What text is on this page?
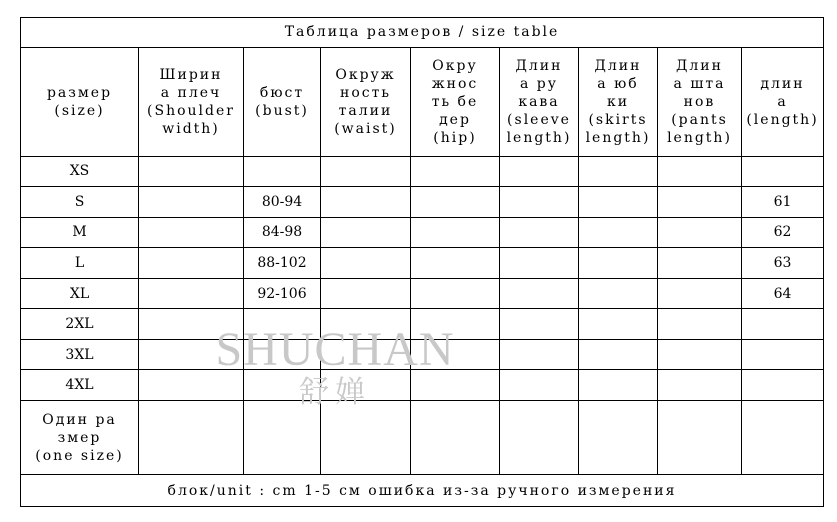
Таблица размеров / size table								

размер
(size)	Ширин
а плеч
(Shoulder
width)	бюст
(bust)	Окруж
ность
талии
(waist)	Окру
жнос
ть бе
дер
(hip)	Длин
а ру
кава
(sleeve
length)	Длин
а юб
ки
(skirts
length)	Длин
а шта
нов
(pants
length)	длин
а
(length)

XS								
S		80-94						61
M		84-98						62
L		88-102						63
XL		92-106						64
2XL								
3XL								
4XL								

Один ра
змер
(one size)								

блок/unit : cm 1-5 см ошибка из-за ручного измерения								
SHUCHAN
舒婵
